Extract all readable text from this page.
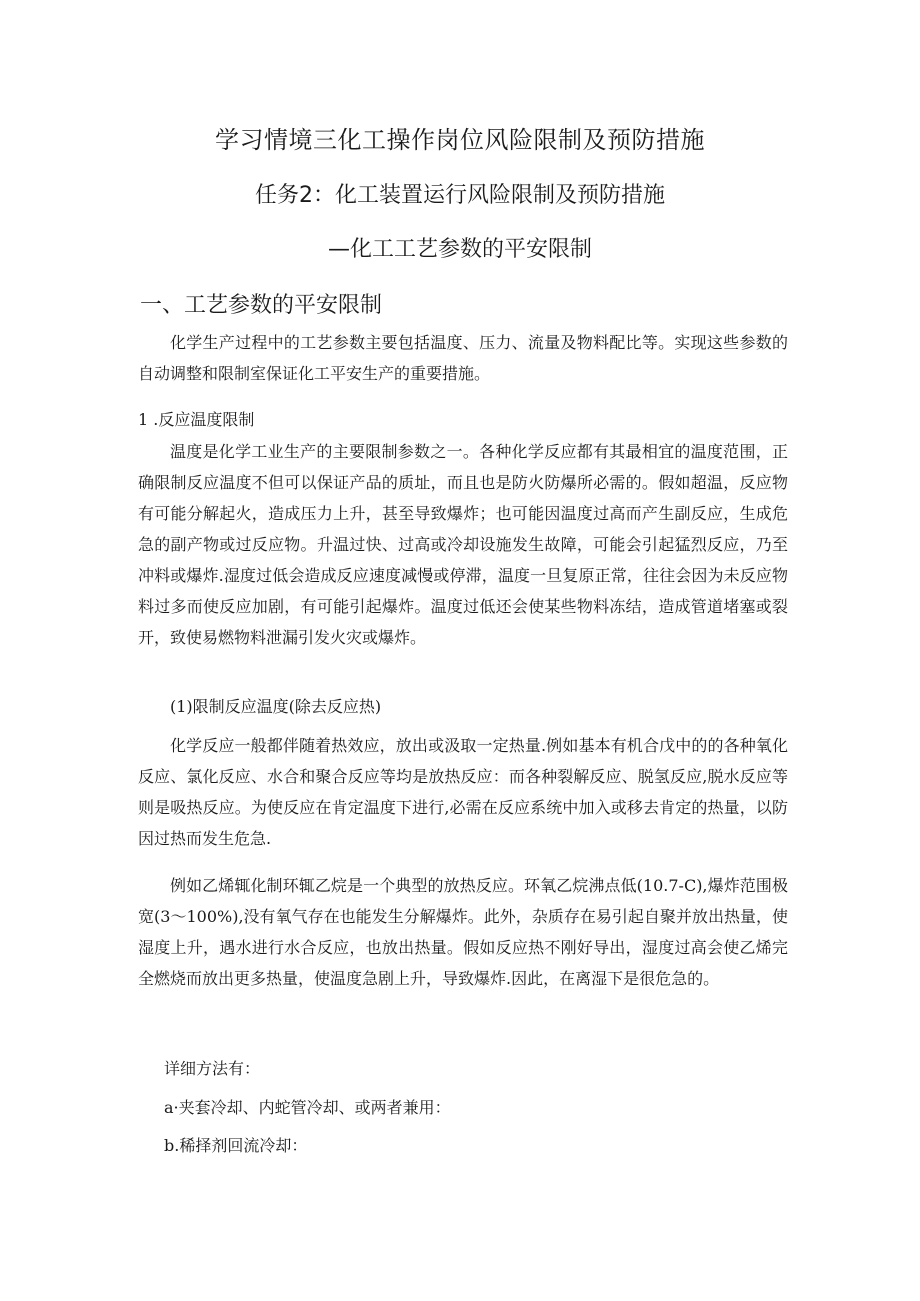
学习情境三化工操作岗位风险限制及预防措施
任务2：化工装置运行风险限制及预防措施
—化工工艺参数的平安限制
一、工艺参数的平安限制

化学生产过程中的工艺参数主要包括温度、压力、流量及物料配比等。实现这些参数的自动调整和限制室保证化工平安生产的重要措施。

1 .反应温度限制

温度是化学工业生产的主要限制参数之一。各种化学反应都有其最相宜的温度范围，正确限制反应温度不但可以保证产品的质址，而且也是防火防爆所必需的。假如超温，反应物有可能分解起火，造成压力上升，甚至导致爆炸；也可能因温度过高而产生副反应，生成危急的副产物或过反应物。升温过快、过高或冷却设施发生故障，可能会引起猛烈反应，乃至冲料或爆炸.湿度过低会造成反应速度减慢或停滞，温度一旦复原正常，往往会因为未反应物料过多而使反应加剧，有可能引起爆炸。温度过低还会使某些物料冻结，造成管道堵塞或裂开，致使易燃物料泄漏引发火灾或爆炸。

(1)限制反应温度(除去反应热)

化学反应一般都伴随着热效应，放出或汲取一定热量.例如基本有机合戊中的的各种氧化反应、氯化反应、水合和聚合反应等均是放热反应：而各种裂解反应、脱氢反应,脱水反应等则是吸热反应。为使反应在肯定温度下进行,必需在反应系统中加入或移去肯定的热量，以防因过热而发生危急.

例如乙烯辄化制环辄乙烷是一个典型的放热反应。环氧乙烷沸点低(10.7-C),爆炸范围极宽(3〜100%),没有氧气存在也能发生分解爆炸。此外，杂质存在易引起自聚并放出热量，使湿度上升，遇水进行水合反应，也放出热量。假如反应热不刚好导出，湿度过高会使乙烯完全燃烧而放出更多热量，使温度急剧上升，导致爆炸.因此，在离湿下是很危急的。

详细方法有：
a·夹套冷却、内蛇管冷却、或两者兼用：
b.稀择剂回流冷却：
